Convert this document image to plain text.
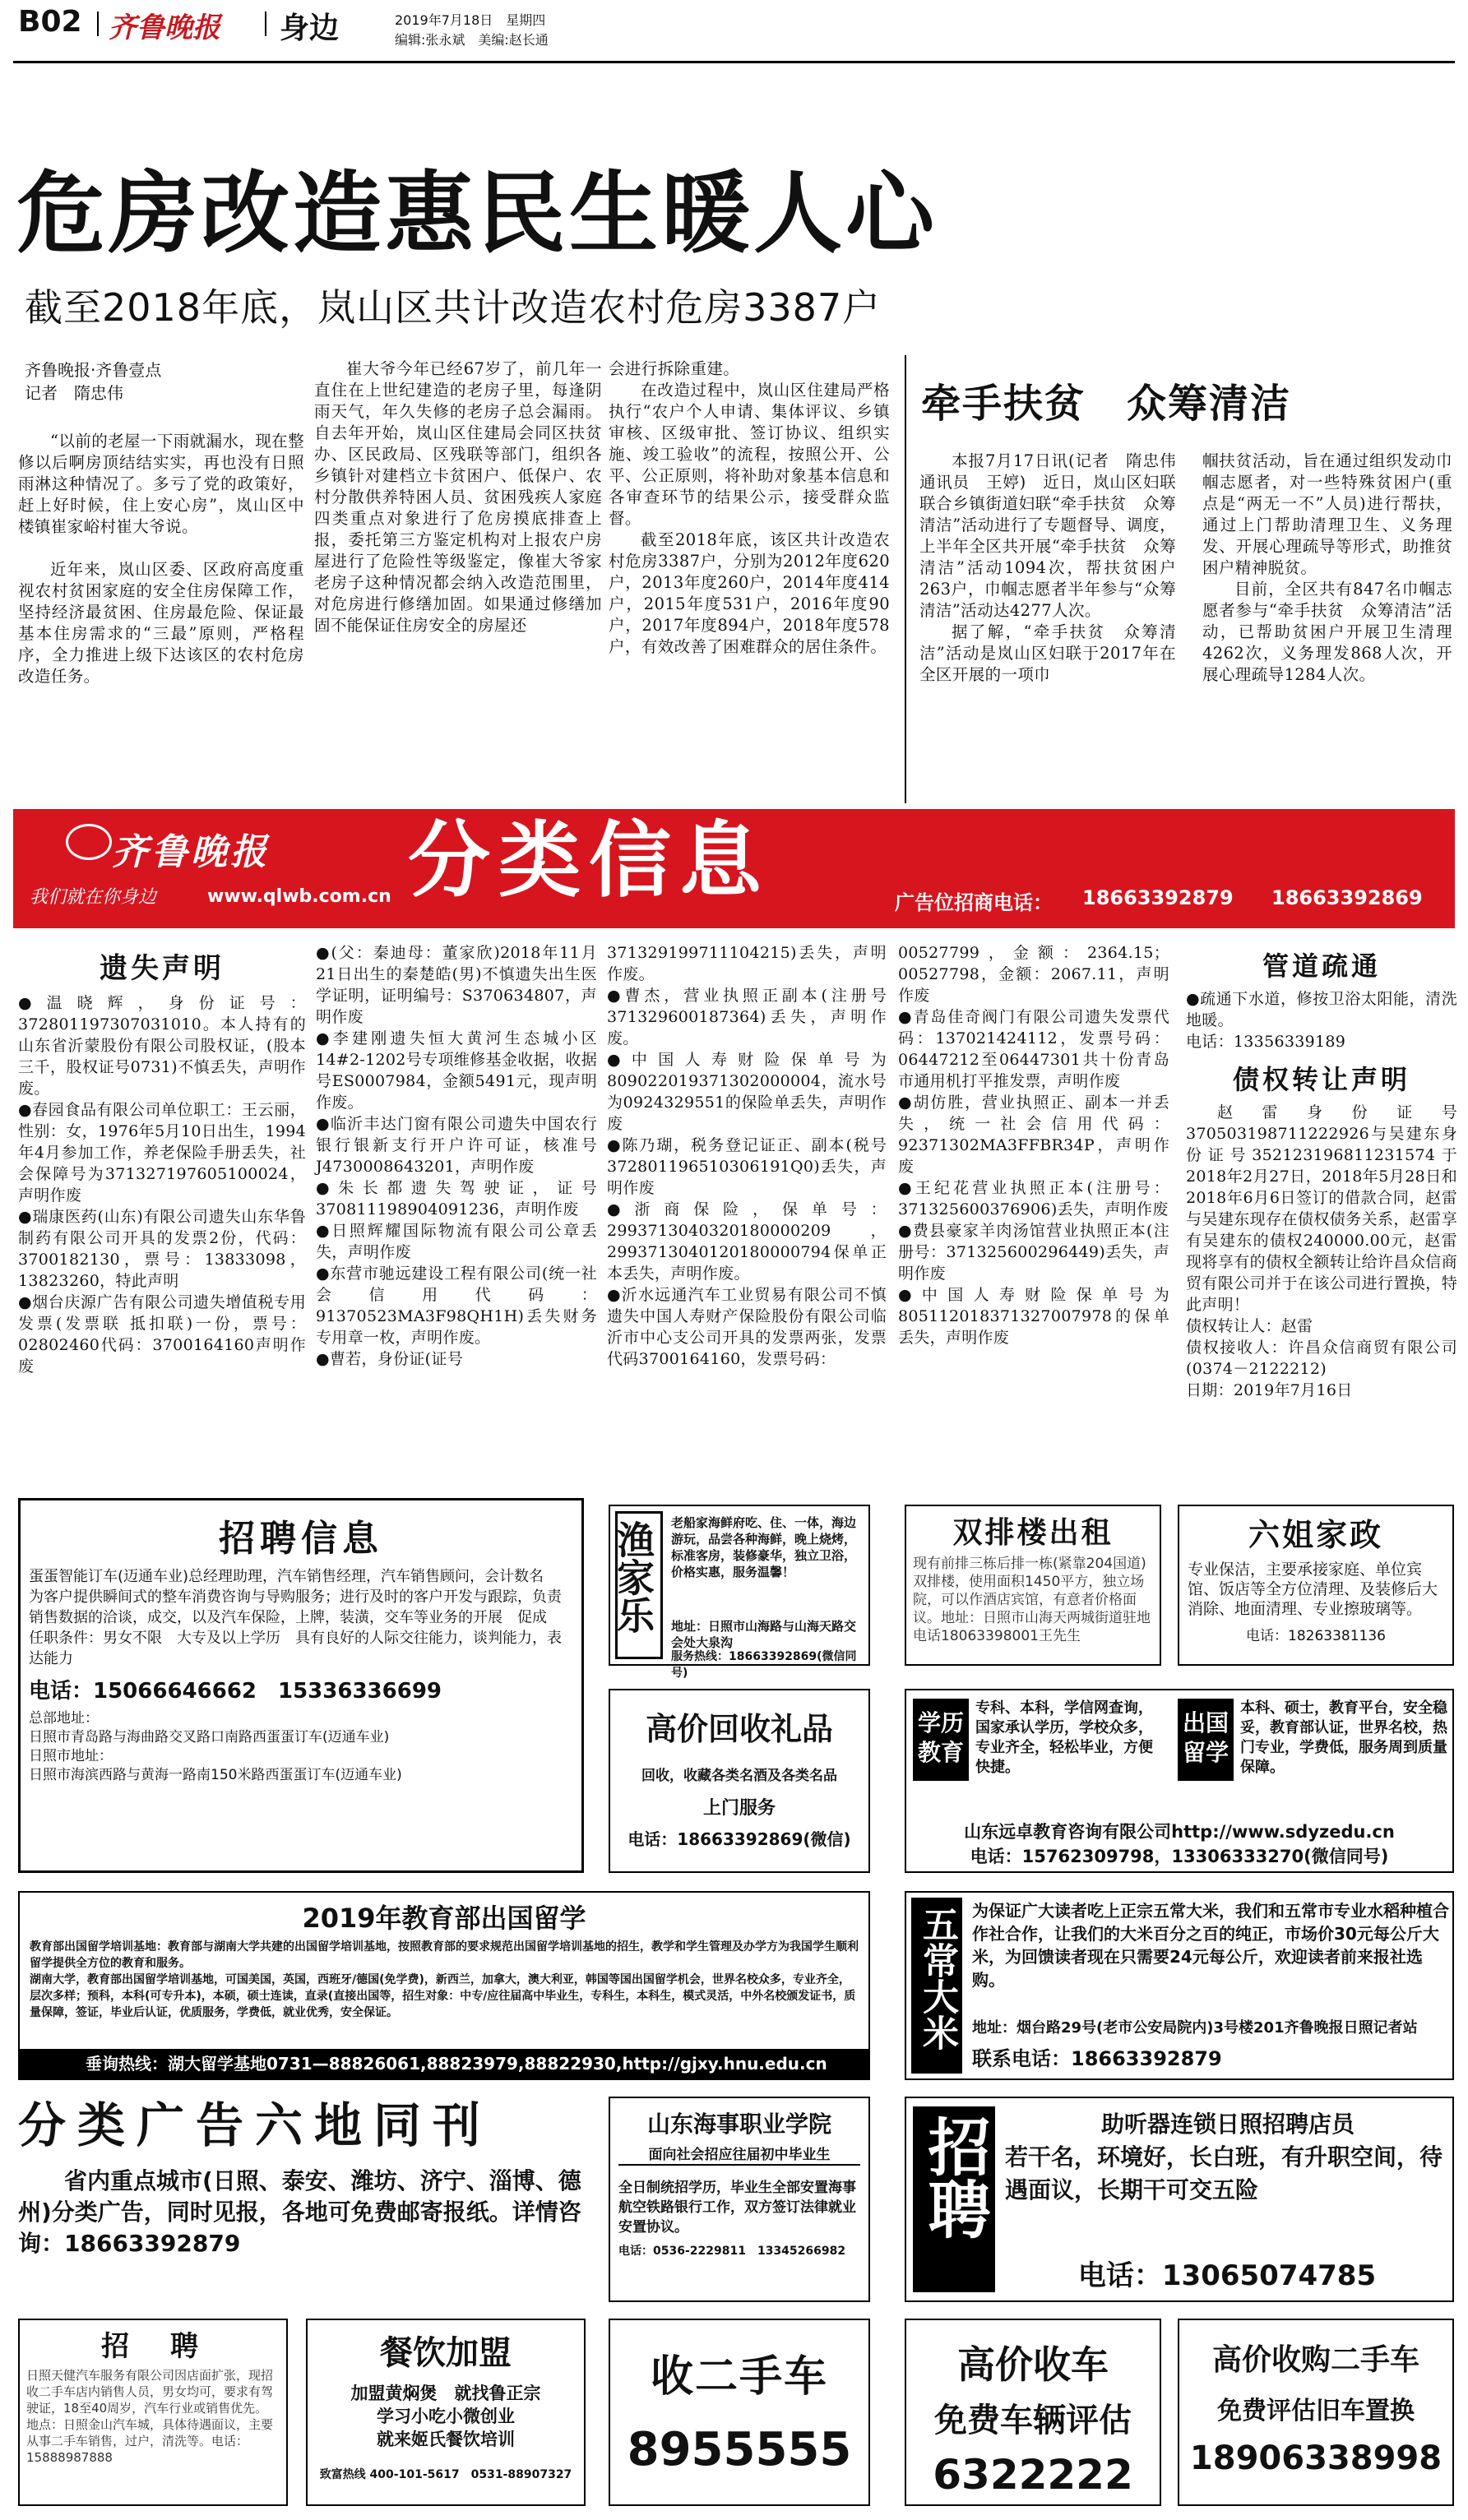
B02 齐鲁晚报 身边	2019年7月18日　星期四
编辑:张永斌　美编:赵长通
危房改造惠民生暖人心
截至2018年底，岚山区共计改造农村危房3387户
齐鲁晚报·齐鲁壹点
记者　隋忠伟

“以前的老屋一下雨就漏水，现在整修以后啊房顶结结实实，再也没有日照雨淋这种情况了。多亏了党的政策好，赶上好时候，住上安心房”，岚山区中楼镇崔家峪村崔大爷说。

近年来，岚山区委、区政府高度重视农村贫困家庭的安全住房保障工作，坚持经济最贫困、住房最危险、保证最基本住房需求的“三最”原则，严格程序，全力推进上级下达该区的农村危房改造任务。

崔大爷今年已经67岁了，前几年一直住在上世纪建造的老房子里，每逢阴雨天气，年久失修的老房子总会漏雨。自去年开始，岚山区住建局会同区扶贫办、区民政局、区残联等部门，组织各乡镇针对建档立卡贫困户、低保户、农村分散供养特困人员、贫困残疾人家庭四类重点对象进行了危房摸底排查上报，委托第三方鉴定机构对上报农户房屋进行了危险性等级鉴定，像崔大爷家老房子这种情况都会纳入改造范围里，对危房进行修缮加固。如果通过修缮加固不能保证住房安全的房屋还

会进行拆除重建。

在改造过程中，岚山区住建局严格执行“农户个人申请、集体评议、乡镇审核、区级审批、签订协议、组织实施、竣工验收”的流程，按照公开、公平、公正原则，将补助对象基本信息和各审查环节的结果公示，接受群众监督。

截至2018年底，该区共计改造农村危房3387户，分别为2012年度620户，2013年度260户，2014年度414户，2015年度531户，2016年度90户，2017年度894户，2018年度578户，有效改善了困难群众的居住条件。

牵手扶贫　众筹清洁

本报7月17日讯(记者　隋忠伟　通讯员　王婷)　近日，岚山区妇联联合乡镇街道妇联“牵手扶贫　众筹清洁”活动进行了专题督导、调度，上半年全区共开展“牵手扶贫　众筹清洁”活动1094次，帮扶贫困户263户，巾帼志愿者半年参与“众筹清洁”活动达4277人次。

据了解，“牵手扶贫　众筹清洁”活动是岚山区妇联于2017年在全区开展的一项巾

帼扶贫活动，旨在通过组织发动巾帼志愿者，对一些特殊贫困户(重点是“两无一不”人员)进行帮扶，通过上门帮助清理卫生、义务理发、开展心理疏导等形式，助推贫困户精神脱贫。

目前，全区共有847名巾帼志愿者参与“牵手扶贫　众筹清洁”活动，已帮助贫困户开展卫生清理4262次，义务理发868人次，开展心理疏导1284人次。

齐鲁晚报
我们就在你身边	www.qlwb.com.cn 分类信息	广告位招商电话： 18663392879 18663392869
遗失声明

●温晓辉，身份证号：372801197307031010。本人持有的山东省沂蒙股份有限公司股权证，(股本三千，股权证号0731)不慎丢失，声明作废。

●春园食品有限公司单位职工：王云丽，性别：女，1976年5月10日出生，1994年4月参加工作，养老保险手册丢失，社会保障号为371327197605100024，声明作废

●瑞康医药(山东)有限公司遗失山东华鲁制药有限公司开具的发票2份，代码：3700182130，票号：13833098，13823260，特此声明

●烟台庆源广告有限公司遗失增值税专用发票(发票联 抵扣联)一份，票号：02802460代码：3700164160声明作废

●(父：秦迪母：董家欣)2018年11月21日出生的秦楚皓(男)不慎遗失出生医学证明，证明编号：S370634807，声明作废

●李建刚遗失恒大黄河生态城小区14#2-1202号专项维修基金收据，收据号ES0007984，金额5491元，现声明作废。

●临沂丰达门窗有限公司遗失中国农行银行银新支行开户许可证，核准号J4730008643201，声明作废

●朱长都遗失驾驶证，证号370811198904091236，声明作废

●日照辉耀国际物流有限公司公章丢失，声明作废

●东营市驰远建设工程有限公司(统一社会信用代码：91370523MA3F98QH1H)丢失财务专用章一枚，声明作废。

●曹若，身份证(证号

371329199711104215)丢失，声明作废。

●曹杰，营业执照正副本(注册号371329600187364)丢失，声明作废。

●中国人寿财险保单号为809022019371302000004，流水号为0924329551的保险单丢失，声明作废

●陈乃瑚，税务登记证正、副本(税号372801196510306191Q0)丢失，声明作废

●浙商保险，保单号：2993713040320180000209，2993713040120180000794保单正本丢失，声明作废。

●沂水远通汽车工业贸易有限公司不慎遗失中国人寿财产保险股份有限公司临沂市中心支公司开具的发票两张，发票代码3700164160，发票号码：

00527799，金额：2364.15；00527798，金额：2067.11，声明作废

●青岛佳奇阀门有限公司遗失发票代码：137021424112，发票号码：06447212至06447301共十份青岛市通用机打平推发票，声明作废

●胡仿胜，营业执照正、副本一并丢失，统一社会信用代码：92371302MA3FFBR34P，声明作废

●王纪花营业执照正本(注册号：371325600376906)丢失，声明作废

●费县豪家羊肉汤馆营业执照正本(注册号：371325600296449)丢失，声明作废

●中国人寿财险保单号为805112018371327007978的保单丢失，声明作废

管道疏通

●疏通下水道，修按卫浴太阳能，清洗地暖。

电话：13356339189

债权转让声明

赵雷身份证号370503198711222926与吴建东身份证号352123196811231574于2018年2月27日，2018年5月28日和2018年6月6日签订的借款合同，赵雷与吴建东现存在债权债务关系，赵雷享有吴建东的债权240000.00元，赵雷现将享有的债权全额转让给许昌众信商贸有限公司并于在该公司进行置换，特此声明！

债权转让人：赵雷

债权接收人：许昌众信商贸有限公司(0374－2122212)

日期：2019年7月16日

招聘信息
蛋蛋智能订车(迈通车业)总经理助理，汽车销售经理，汽车销售顾问，会计数名
为客户提供瞬间式的整车消费咨询与导购服务；进行及时的客户开发与跟踪，负责销售数据的洽谈，成交，以及汽车保险，上牌，装潢，交车等业务的开展　促成
任职条件：男女不限　大专及以上学历　具有良好的人际交往能力，谈判能力，表达能力
电话：15066646662　15336336699
总部地址：
日照市青岛路与海曲路交叉路口南路西蛋蛋订车(迈通车业)
日照市地址：
日照市海滨西路与黄海一路南150米路西蛋蛋订车(迈通车业)
渔家乐	老船家海鲜府吃、住、一体，海边游玩，品尝各种海鲜，晚上烧烤，标准客房，装修豪华，独立卫浴，价格实惠，服务温馨！
地址：日照市山海路与山海天路交会处大泉沟
服务热线：18663392869(微信同号)
双排楼出租
现有前排三栋后排一栋(紧靠204国道)双排楼，使用面积1450平方，独立场院，可以作酒店宾馆，有意者价格面议。地址：日照市山海天两城街道驻地电话18063398001王先生
六姐家政
专业保洁，主要承接家庭、单位宾馆、饭店等全方位清理、及装修后大消除、地面清理、专业擦玻璃等。
电话：18263381136
高价回收礼品
回收，收藏各类名酒及各类名品
上门服务
电话：18663392869(微信)
学历教育
专科、本科，学信网查询，国家承认学历，学校众多，专业齐全，轻松毕业，方便快捷。
出国留学
本科、硕士，教育平台，安全稳妥，教育部认证，世界名校，热门专业，学费低，服务周到质量保障。
山东远卓教育咨询有限公司http://www.sdyzedu.cn
电话：15762309798，13306333270(微信同号)
2019年教育部出国留学
教育部出国留学培训基地：教育部与湖南大学共建的出国留学培训基地，按照教育部的要求规范出国留学培训基地的招生，教学和学生管理及办学方为我国学生顺利留学提供全方位的教育和服务。
湖南大学，教育部出国留学培训基地，可国美国，英国，西班牙/德国(免学费)，新西兰，加拿大，澳大利亚，韩国等国出国留学机会，世界名校众多，专业齐全，层次多样；预科，本科(可专升本)，本硕，硕士连读，直录(直接出国等，招生对象：中专/应往届高中毕业生，专科生，本科生，模式灵活，中外名校颁发证书，质量保障，签证，毕业后认证，优质服务，学费低，就业优秀，安全保证。
垂询热线：湖大留学基地0731—88826061,88823979,88822930,http://gjxy.hnu.edu.cn
五常大米 为保证广大读者吃上正宗五常大米，我们和五常市专业水稻种植合作社合作，让我们的大米百分之百的纯正，市场价30元每公斤大米，为回馈读者现在只需要24元每公斤，欢迎读者前来报社选购。
地址：烟台路29号(老市公安局院内)3号楼201齐鲁晚报日照记者站
联系电话：18663392879
分类广告六地同刊
省内重点城市(日照、泰安、潍坊、济宁、淄博、德州)分类广告，同时见报，各地可免费邮寄报纸。详情咨询：18663392879
山东海事职业学院
面向社会招应往届初中毕业生
全日制统招学历，毕业生全部安置海事航空铁路银行工作，双方签订法律就业安置协议。
电话：0536-2229811　13345266982
招聘	助听器连锁日照招聘店员
若干名，环境好，长白班，有升职空间，待遇面议，长期干可交五险
电话：13065074785
招　聘
日照天健汽车服务有限公司因店面扩张，现招收二手车店内销售人员，男女均可，要求有驾驶证，18至40周岁，汽车行业或销售优先。地点：日照金山汽车城，具体待遇面议，主要从事二手车销售，过户，清洗等。电话：15888987888
餐饮加盟
加盟黄焖煲　就找鲁正宗
学习小吃小微创业
就来姬氏餐饮培训
致富热线 400-101-5617　0531-88907327
收二手车
8955555
高价收车
免费车辆评估
6322222
高价收购二手车
免费评估旧车置换
18906338998
